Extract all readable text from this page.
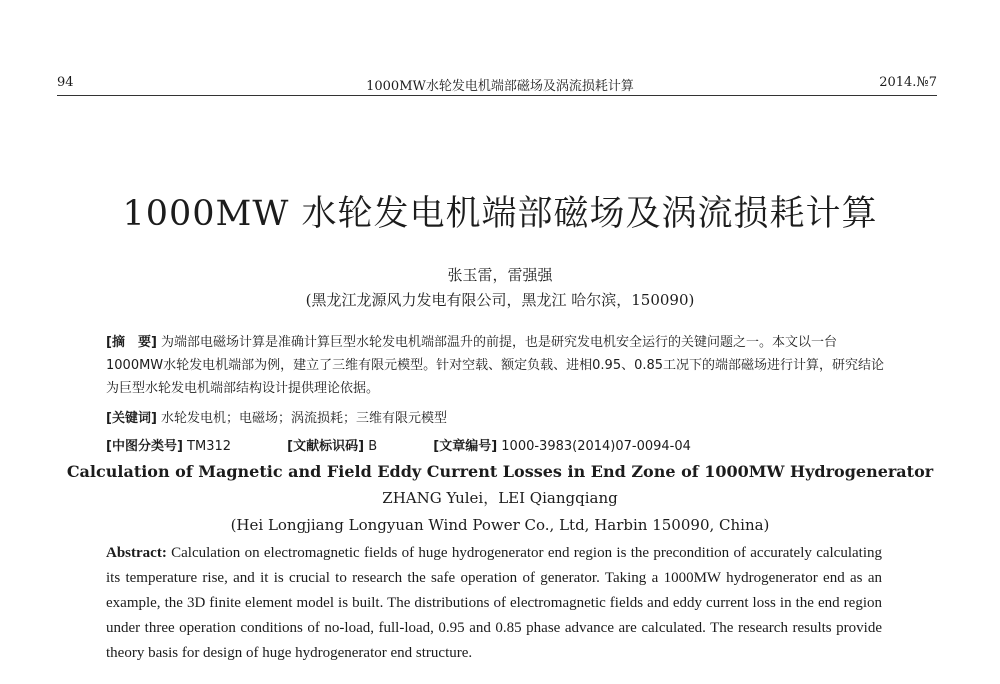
94	1000MW水轮发电机端部磁场及涡流损耗计算	2014.№7
1000MW 水轮发电机端部磁场及涡流损耗计算
张玉雷，雷强强
(黑龙江龙源风力发电有限公司，黑龙江 哈尔滨，150090)

[摘　要] 为端部电磁场计算是准确计算巨型水轮发电机端部温升的前提，也是研究发电机安全运行的关键问题之一。本文以一台1000MW水轮发电机端部为例，建立了三维有限元模型。针对空载、额定负载、进相0.95、0.85工况下的端部磁场进行计算，研究结论为巨型水轮发电机端部结构设计提供理论依据。

[关键词] 水轮发电机；电磁场；涡流损耗；三维有限元模型

[中图分类号] TM312	[文献标识码] B	[文章编号] 1000-3983(2014)07-0094-04

Calculation of Magnetic and Field Eddy Current Losses in End Zone of 1000MW Hydrogenerator
ZHANG Yulei，LEI Qiangqiang
(Hei Longjiang Longyuan Wind Power Co., Ltd, Harbin 150090, China)

Abstract: Calculation on electromagnetic fields of huge hydrogenerator end region is the precondition of accurately calculating its temperature rise, and it is crucial to research the safe operation of generator. Taking a 1000MW hydrogenerator end as an example, the 3D finite element model is built. The distributions of electromagnetic fields and eddy current loss in the end region under three operation conditions of no-load, full-load, 0.95 and 0.85 phase advance are calculated. The research results provide theory basis for design of huge hydrogenerator end structure.
